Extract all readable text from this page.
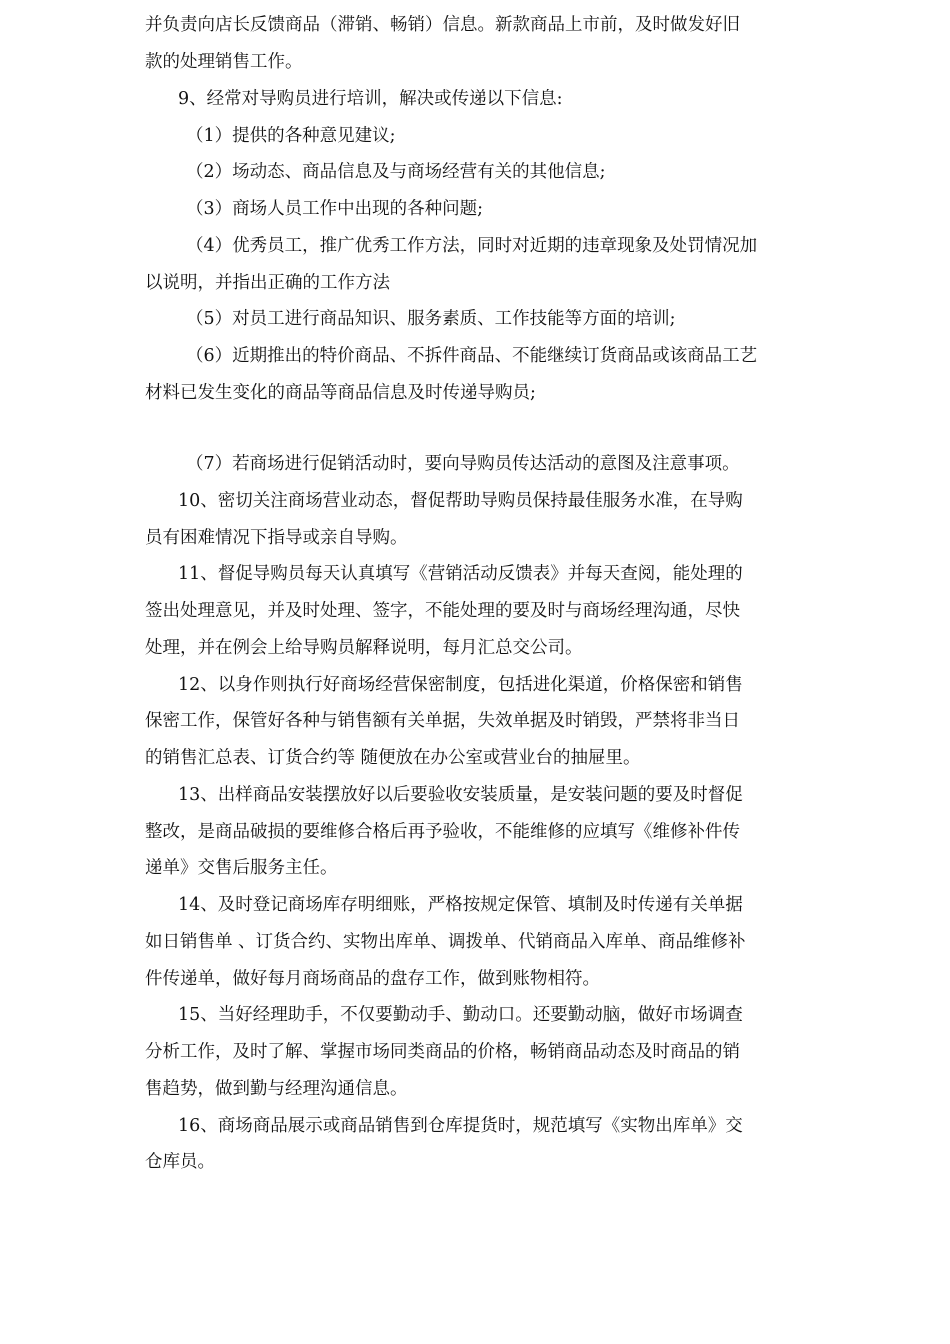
并负责向店长反馈商品（滞销、畅销）信息。新款商品上市前，及时做发好旧
款的处理销售工作。
9、经常对导购员进行培训，解决或传递以下信息:
（1）提供的各种意见建议;
（2）场动态、商品信息及与商场经营有关的其他信息;
（3）商场人员工作中出现的各种问题;
（4）优秀员工，推广优秀工作方法，同时对近期的违章现象及处罚情况加
以说明，并指出正确的工作方法
（5）对员工进行商品知识、服务素质、工作技能等方面的培训;
（6）近期推出的特价商品、不拆件商品、不能继续订货商品或该商品工艺
材料已发生变化的商品等商品信息及时传递导购员;
（7）若商场进行促销活动时，要向导购员传达活动的意图及注意事项。
10、密切关注商场营业动态，督促帮助导购员保持最佳服务水准，在导购
员有困难情况下指导或亲自导购。
11、督促导购员每天认真填写《营销活动反馈表》并每天查阅，能处理的
签出处理意见，并及时处理、签字，不能处理的要及时与商场经理沟通，尽快
处理，并在例会上给导购员解释说明，每月汇总交公司。
12、以身作则执行好商场经营保密制度，包括进化渠道，价格保密和销售
保密工作，保管好各种与销售额有关单据，失效单据及时销毁，严禁将非当日
的销售汇总表、订货合约等 随便放在办公室或营业台的抽屉里。
13、出样商品安装摆放好以后要验收安装质量，是安装问题的要及时督促
整改，是商品破损的要维修合格后再予验收，不能维修的应填写《维修补件传
递单》交售后服务主任。
14、及时登记商场库存明细账，严格按规定保管、填制及时传递有关单据
如日销售单 、订货合约、实物出库单、调拨单、代销商品入库单、商品维修补
件传递单，做好每月商场商品的盘存工作，做到账物相符。
15、当好经理助手，不仅要勤动手、勤动口。还要勤动脑，做好市场调查
分析工作，及时了解、掌握市场同类商品的价格，畅销商品动态及时商品的销
售趋势，做到勤与经理沟通信息。
16、商场商品展示或商品销售到仓库提货时，规范填写《实物出库单》交
仓库员。
